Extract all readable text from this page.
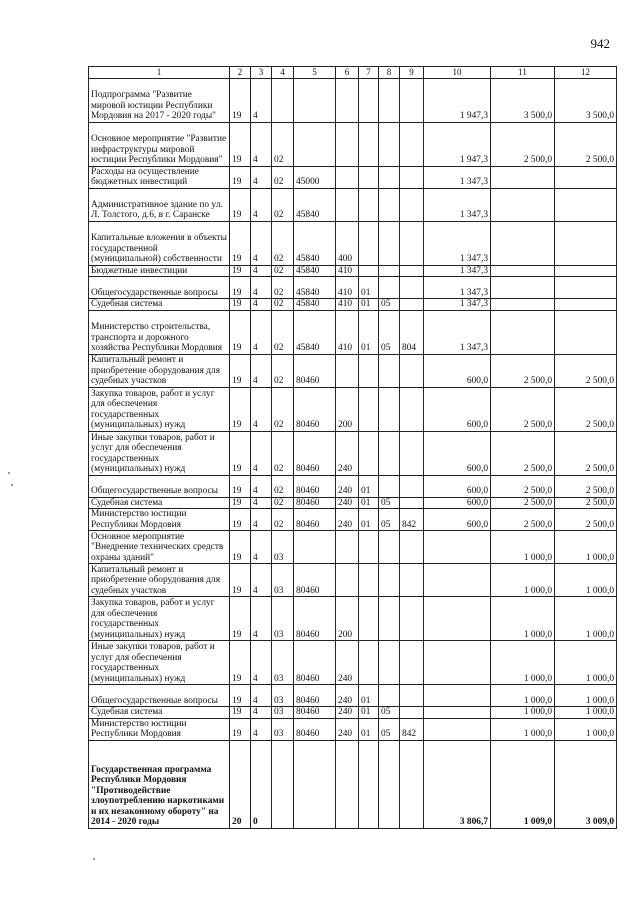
942
1	2	3	4	5	6	7	8	9	10	11	12
Подпрограмма "Развитие мировой юстиции Республики Мордовия на 2017 - 2020 годы"	19	4							1 947,3	3 500,0	3 500,0
Основное мероприятие "Развитие инфраструктуры мировой юстиции Республики Мордовия"	19	4	02						1 947,3	2 500,0	2 500,0
Расходы на осуществление бюджетных инвестиций	19	4	02	45000					1 347,3		
Административное здание по ул. Л. Толстого, д.6, в г. Саранске	19	4	02	45840					1 347,3		
Капитальные вложения в объекты государственной (муниципальной) собственности	19	4	02	45840	400				1 347,3		
Бюджетные инвестиции	19	4	02	45840	410				1 347,3		
Общегосударственные вопросы	19	4	02	45840	410	01			1 347,3		
Судебная система	19	4	02	45840	410	01	05		1 347,3		
Министерство строительства, транспорта и дорожного хозяйства Республики Мордовия	19	4	02	45840	410	01	05	804	1 347,3		
Капитальный ремонт и приобретение оборудования для судебных участков	19	4	02	80460					600,0	2 500,0	2 500,0
Закупка товаров, работ и услуг для обеспечения государственных (муниципальных) нужд	19	4	02	80460	200				600,0	2 500,0	2 500,0
Иные закупки товаров, работ и услуг для обеспечения государственных (муниципальных) нужд	19	4	02	80460	240				600,0	2 500,0	2 500,0
Общегосударственные вопросы	19	4	02	80460	240	01			600,0	2 500,0	2 500,0
Судебная система	19	4	02	80460	240	01	05		600,0	2 500,0	2 500,0
Министерство юстиции Республики Мордовия	19	4	02	80460	240	01	05	842	600,0	2 500,0	2 500,0
Основное мероприятие "Внедрение технических средств охраны зданий"	19	4	03							1 000,0	1 000,0
Капитальный ремонт и приобретение оборудования для судебных участков	19	4	03	80460						1 000,0	1 000,0
Закупка товаров, работ и услуг для обеспечения государственных (муниципальных) нужд	19	4	03	80460	200					1 000,0	1 000,0
Иные закупки товаров, работ и услуг для обеспечения государственных (муниципальных) нужд	19	4	03	80460	240					1 000,0	1 000,0
Общегосударственные вопросы	19	4	03	80460	240	01				1 000,0	1 000,0
Судебная система	19	4	03	80460	240	01	05			1 000,0	1 000,0
Министерство юстиции Республики Мордовия	19	4	03	80460	240	01	05	842		1 000,0	1 000,0
Государственная программа Республики Мордовия "Противодействие злоупотреблению наркотиками и их незаконному обороту" на 2014 - 2020 годы	20	0							3 806,7	1 009,0	3 009,0
